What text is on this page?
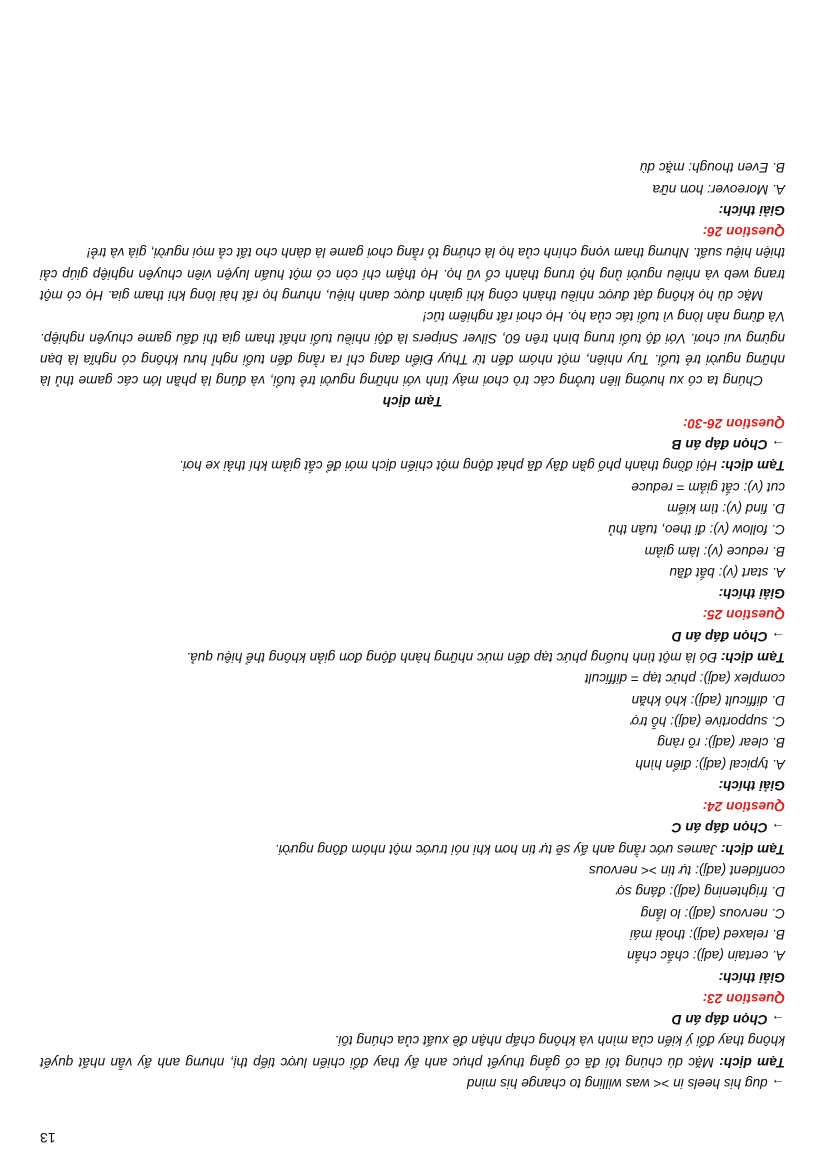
→ dug his heels in >< was willing to change his mind
Tạm dịch: Mặc dù chúng tôi đã cố gắng thuyết phục anh ấy thay đổi chiến lược tiếp thị, nhưng anh ấy vẫn nhất quyết không thay đổi ý kiến của mình và không chấp nhận đề xuất của chúng tôi.
→ Chọn đáp án D
Question 23:
Giải thích:
A. certain (adj): chắc chắn
B. relaxed (adj): thoải mái
C. nervous (adj): lo lắng
D. frightening (adj): đáng sợ
confident (adj): tự tin >< nervous
Tạm dịch: James ước rằng anh ấy sẽ tự tin hơn khi nói trước một nhóm đông người.
→ Chọn đáp án C
Question 24:
Giải thích:
A. typical (adj): điển hình
B. clear (adj): rõ ràng
C. supportive (adj): hỗ trợ
D. difficult (adj): khó khăn
complex (adj): phức tạp = difficult
Tạm dịch: Đó là một tình huống phức tạp đến mức những hành động đơn giản không thể hiệu quả.
→ Chọn đáp án D
Question 25:
Giải thích:
A. start (v): bắt đầu
B. reduce (v): làm giảm
C. follow (v): đi theo, tuân thủ
D. find (v): tìm kiếm
cut (v): cắt giảm = reduce
Tạm dịch: Hội đồng thành phố gần đây đã phát động một chiến dịch mới để cắt giảm khí thải xe hơi.
→ Chọn đáp án B
Question 26-30:
Tạm dịch
Chúng ta có xu hướng liên tưởng các trò chơi máy tính với những người trẻ tuổi, và đúng là phần lớn các game thủ là những người trẻ tuổi. Tuy nhiên, một nhóm đến từ Thụy Điển đang chỉ ra rằng đến tuổi nghỉ hưu không có nghĩa là bạn ngừng vui chơi. Với độ tuổi trung bình trên 60, Silver Snipers là đội nhiều tuổi nhất tham gia thi đấu game chuyên nghiệp. Và đừng nản lòng vì tuổi tác của họ. Họ chơi rất nghiêm túc!
Mặc dù họ không đạt được nhiều thành công khi giành được danh hiệu, nhưng họ rất hài lòng khi tham gia. Họ có một trang web và nhiều người ủng hộ trung thành cổ vũ họ. Họ thậm chí còn có một huấn luyện viên chuyên nghiệp giúp cải thiện hiệu suất. Nhưng tham vọng chính của họ là chứng tỏ rằng chơi game là dành cho tất cả mọi người, già và trẻ!
Question 26:
Giải thích:
A. Moreover: hơn nữa
B. Even though: mặc dù
13
